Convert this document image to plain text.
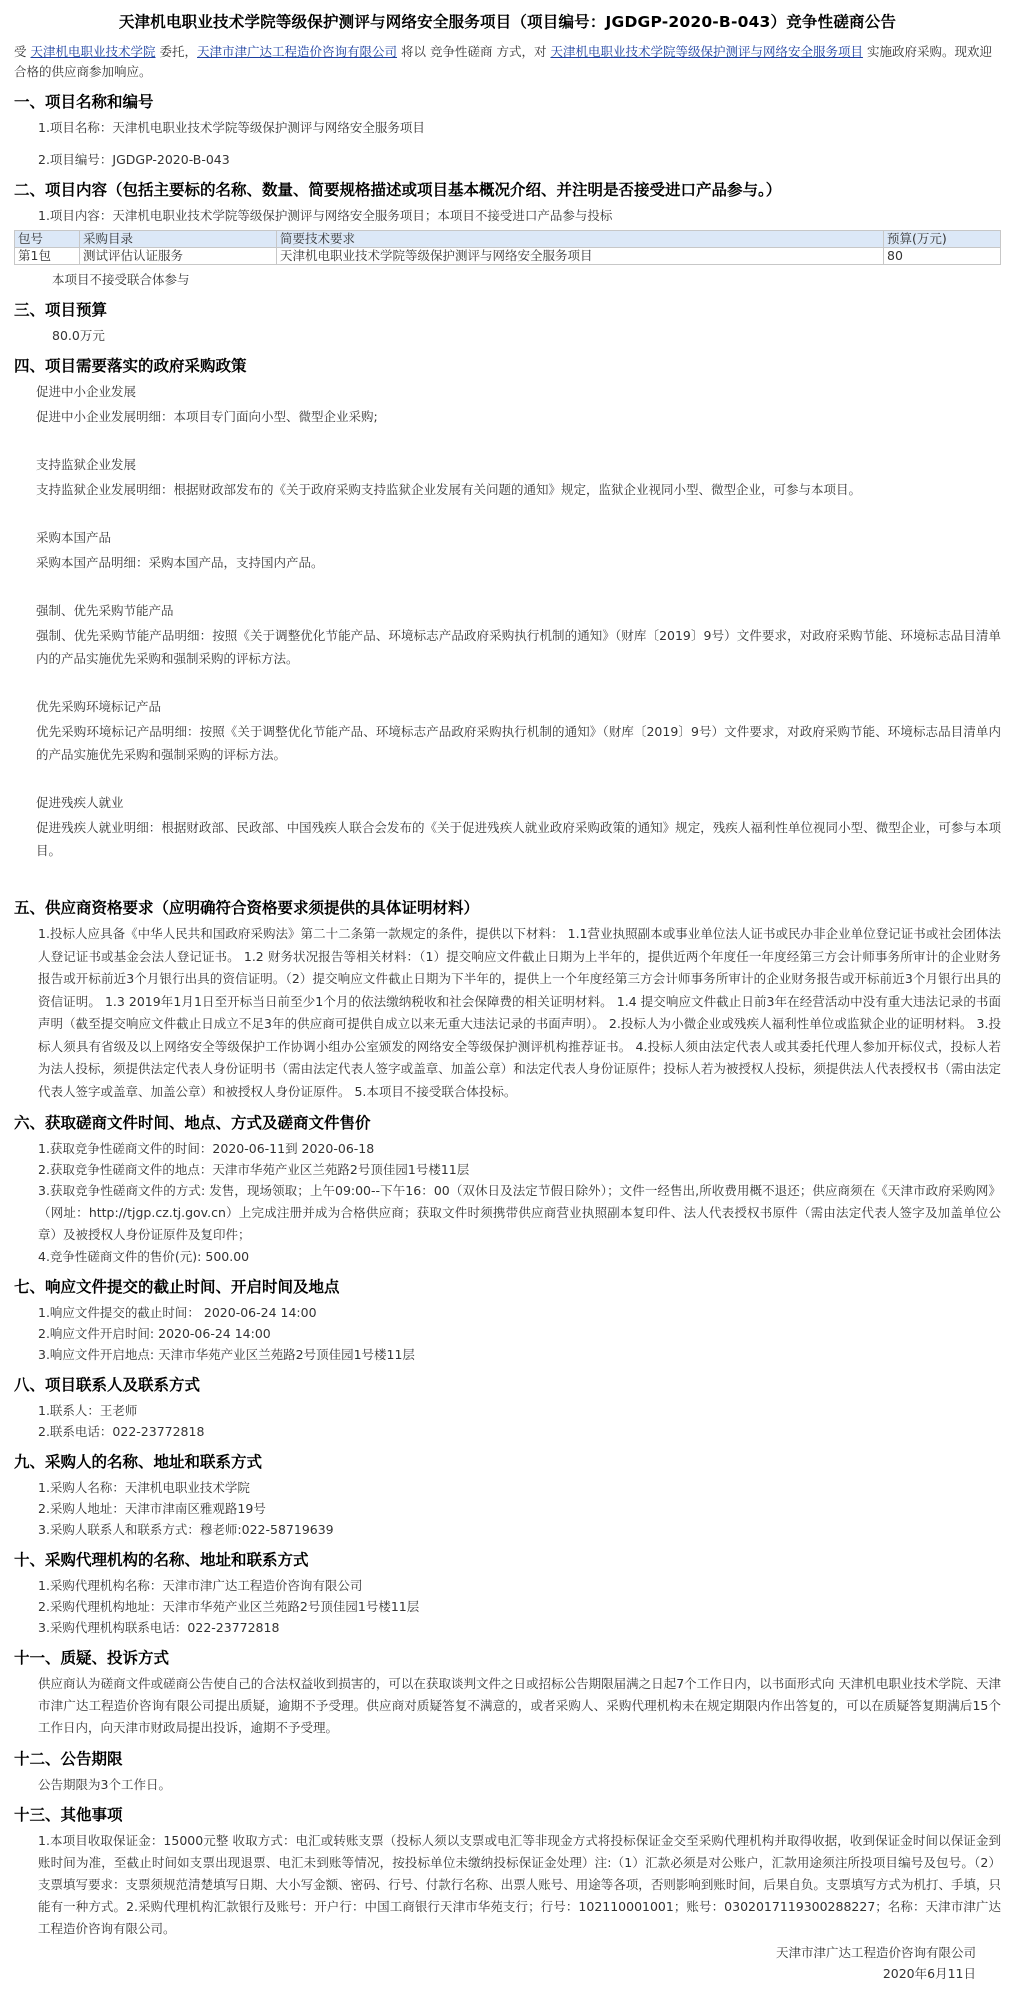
天津机电职业技术学院等级保护测评与网络安全服务项目（项目编号：JGDGP-2020-B-043）竞争性磋商公告
受 天津机电职业技术学院 委托，天津市津广达工程造价咨询有限公司 将以 竞争性磋商 方式，对 天津机电职业技术学院等级保护测评与网络安全服务项目 实施政府采购。现欢迎合格的供应商参加响应。
一、项目名称和编号
1.项目名称：天津机电职业技术学院等级保护测评与网络安全服务项目
2.项目编号：JGDGP-2020-B-043
二、项目内容（包括主要标的名称、数量、简要规格描述或项目基本概况介绍、并注明是否接受进口产品参与。）
1.项目内容：天津机电职业技术学院等级保护测评与网络安全服务项目；本项目不接受进口产品参与投标
包号	采购目录	简要技术要求	预算(万元)
第1包	测试评估认证服务	天津机电职业技术学院等级保护测评与网络安全服务项目	80
本项目不接受联合体参与
三、项目预算
80.0万元
四、项目需要落实的政府采购政策
促进中小企业发展
促进中小企业发展明细：本项目专门面向小型、微型企业采购;
支持监狱企业发展
支持监狱企业发展明细：根据财政部发布的《关于政府采购支持监狱企业发展有关问题的通知》规定，监狱企业视同小型、微型企业，可参与本项目。
采购本国产品
采购本国产品明细：采购本国产品，支持国内产品。
强制、优先采购节能产品
强制、优先采购节能产品明细：按照《关于调整优化节能产品、环境标志产品政府采购执行机制的通知》（财库〔2019〕9号）文件要求，对政府采购节能、环境标志品目清单内的产品实施优先采购和强制采购的评标方法。
优先采购环境标记产品
优先采购环境标记产品明细：按照《关于调整优化节能产品、环境标志产品政府采购执行机制的通知》（财库〔2019〕9号）文件要求，对政府采购节能、环境标志品目清单内的产品实施优先采购和强制采购的评标方法。
促进残疾人就业
促进残疾人就业明细：根据财政部、民政部、中国残疾人联合会发布的《关于促进残疾人就业政府采购政策的通知》规定，残疾人福利性单位视同小型、微型企业，可参与本项目。
五、供应商资格要求（应明确符合资格要求须提供的具体证明材料）
1.投标人应具备《中华人民共和国政府采购法》第二十二条第一款规定的条件，提供以下材料： 1.1营业执照副本或事业单位法人证书或民办非企业单位登记证书或社会团体法人登记证书或基金会法人登记证书。 1.2 财务状况报告等相关材料：（1）提交响应文件截止日期为上半年的，提供近两个年度任一年度经第三方会计师事务所审计的企业财务报告或开标前近3个月银行出具的资信证明。（2）提交响应文件截止日期为下半年的，提供上一个年度经第三方会计师事务所审计的企业财务报告或开标前近3个月银行出具的资信证明。 1.3 2019年1月1日至开标当日前至少1个月的依法缴纳税收和社会保障费的相关证明材料。 1.4 提交响应文件截止日前3年在经营活动中没有重大违法记录的书面声明（截至提交响应文件截止日成立不足3年的供应商可提供自成立以来无重大违法记录的书面声明）。 2.投标人为小微企业或残疾人福利性单位或监狱企业的证明材料。 3.投标人须具有省级及以上网络安全等级保护工作协调小组办公室颁发的网络安全等级保护测评机构推荐证书。 4.投标人须由法定代表人或其委托代理人参加开标仪式，投标人若为法人投标，须提供法定代表人身份证明书（需由法定代表人签字或盖章、加盖公章）和法定代表人身份证原件；投标人若为被授权人投标，须提供法人代表授权书（需由法定代表人签字或盖章、加盖公章）和被授权人身份证原件。 5.本项目不接受联合体投标。
六、获取磋商文件时间、地点、方式及磋商文件售价
1.获取竞争性磋商文件的时间：2020-06-11到 2020-06-18
2.获取竞争性磋商文件的地点：天津市华苑产业区兰苑路2号顶佳园1号楼11层
3.获取竞争性磋商文件的方式: 发售，现场领取；上午09:00--下午16：00（双休日及法定节假日除外）；文件一经售出,所收费用概不退还；供应商须在《天津市政府采购网》（网址：http://tjgp.cz.tj.gov.cn）上完成注册并成为合格供应商；获取文件时须携带供应商营业执照副本复印件、法人代表授权书原件（需由法定代表人签字及加盖单位公章）及被授权人身份证原件及复印件；
4.竞争性磋商文件的售价(元): 500.00
七、响应文件提交的截止时间、开启时间及地点
1.响应文件提交的截止时间： 2020-06-24 14:00
2.响应文件开启时间: 2020-06-24 14:00
3.响应文件开启地点: 天津市华苑产业区兰苑路2号顶佳园1号楼11层
八、项目联系人及联系方式
1.联系人：王老师
2.联系电话：022-23772818
九、采购人的名称、地址和联系方式
1.采购人名称：天津机电职业技术学院
2.采购人地址：天津市津南区雅观路19号
3.采购人联系人和联系方式：穆老师:022-58719639
十、采购代理机构的名称、地址和联系方式
1.采购代理机构名称：天津市津广达工程造价咨询有限公司
2.采购代理机构地址：天津市华苑产业区兰苑路2号顶佳园1号楼11层
3.采购代理机构联系电话：022-23772818
十一、质疑、投诉方式
供应商认为磋商文件或磋商公告使自己的合法权益收到损害的，可以在获取谈判文件之日或招标公告期限届满之日起7个工作日内，以书面形式向 天津机电职业技术学院、天津市津广达工程造价咨询有限公司提出质疑，逾期不予受理。供应商对质疑答复不满意的，或者采购人、采购代理机构未在规定期限内作出答复的，可以在质疑答复期满后15个工作日内，向天津市财政局提出投诉，逾期不予受理。
十二、公告期限
公告期限为3个工作日。
十三、其他事项
1.本项目收取保证金：15000元整 收取方式：电汇或转账支票（投标人须以支票或电汇等非现金方式将投标保证金交至采购代理机构并取得收据，收到保证金时间以保证金到账时间为准，至截止时间如支票出现退票、电汇未到账等情况，按投标单位未缴纳投标保证金处理）注:（1）汇款必须是对公账户，汇款用途须注所投项目编号及包号。（2）支票填写要求：支票须规范清楚填写日期、大小写金额、密码、行号、付款行名称、出票人账号、用途等各项，否则影响到账时间，后果自负。支票填写方式为机打、手填，只能有一种方式。2.采购代理机构汇款银行及账号：开户行：中国工商银行天津市华苑支行；行号：102110001001；账号：0302017119300288227；名称：天津市津广达工程造价咨询有限公司。
天津市津广达工程造价咨询有限公司
2020年6月11日
